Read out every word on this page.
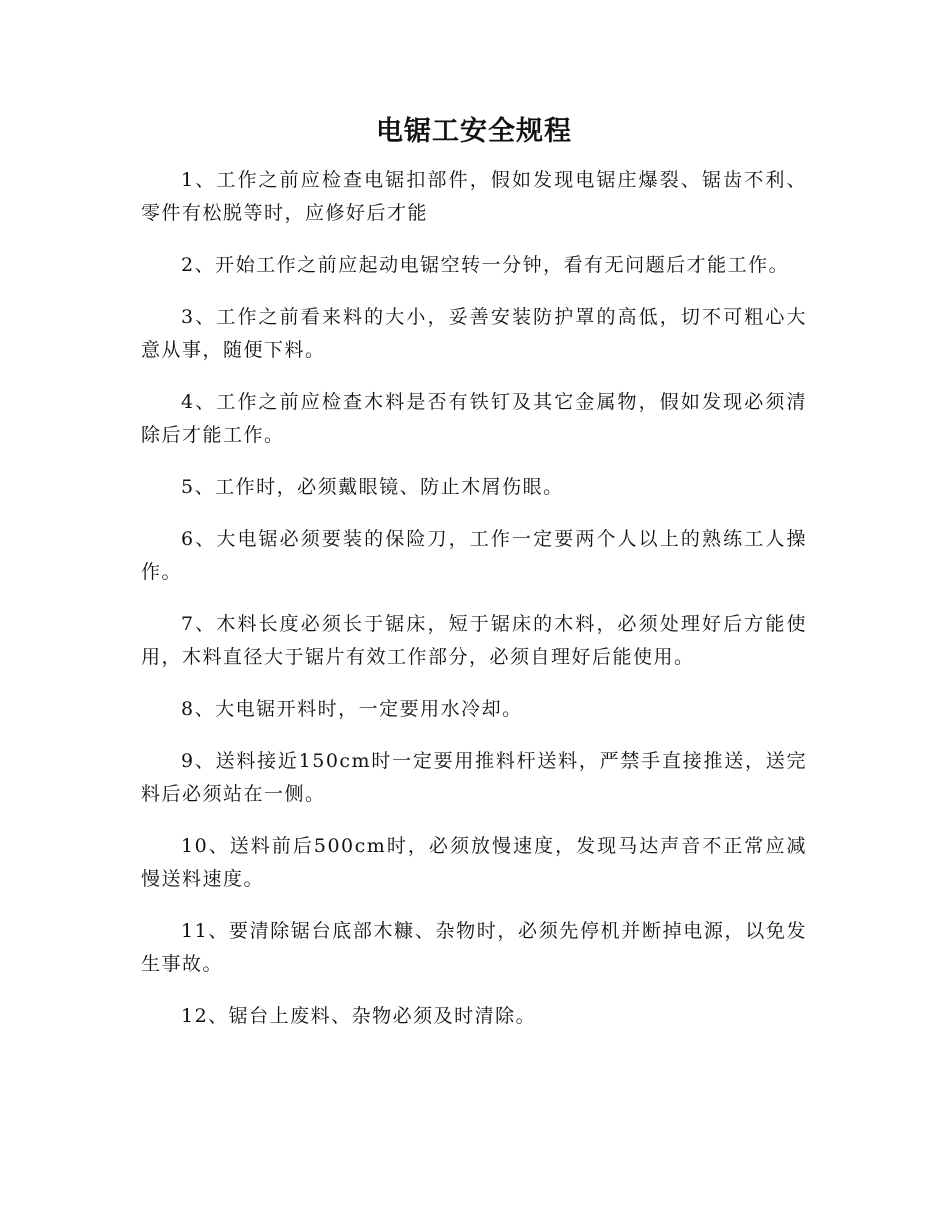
电锯工安全规程
1、工作之前应检查电锯扣部件，假如发现电锯庄爆裂、锯齿不利、零件有松脱等时，应修好后才能
2、开始工作之前应起动电锯空转一分钟，看有无问题后才能工作。
3、工作之前看来料的大小，妥善安装防护罩的高低，切不可粗心大意从事，随便下料。
4、工作之前应检查木料是否有铁钉及其它金属物，假如发现必须清除后才能工作。
5、工作时，必须戴眼镜、防止木屑伤眼。
6、大电锯必须要装的保险刀，工作一定要两个人以上的熟练工人操作。
7、木料长度必须长于锯床，短于锯床的木料，必须处理好后方能使用，木料直径大于锯片有效工作部分，必须自理好后能使用。
8、大电锯开料时，一定要用水冷却。
9、送料接近150cm时一定要用推料杆送料，严禁手直接推送，送完料后必须站在一侧。
10、送料前后500cm时，必须放慢速度，发现马达声音不正常应减慢送料速度。
11、要清除锯台底部木糠、杂物时，必须先停机并断掉电源，以免发生事故。
12、锯台上废料、杂物必须及时清除。
